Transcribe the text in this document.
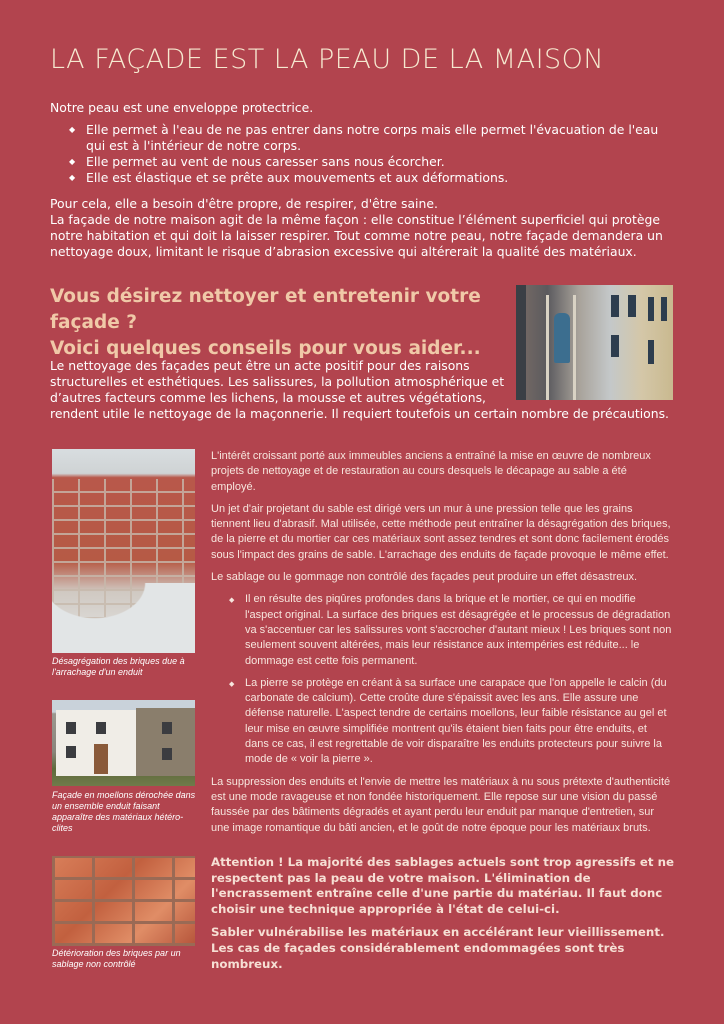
LA FAÇADE EST LA PEAU DE LA MAISON

Notre peau est une enveloppe protectrice.

◆ Elle permet à l'eau de ne pas entrer dans notre corps mais elle permet l'évacuation de l'eau qui est à l'intérieur de notre corps.
◆ Elle permet au vent de nous caresser sans nous écorcher.
◆ Elle est élastique et se prête aux mouvements et aux déformations.

Pour cela, elle a besoin d'être propre, de respirer, d'être saine.

La façade de notre maison agit de la même façon : elle constitue l’élément superficiel qui protège notre habitation et qui doit la laisser respirer. Tout comme notre peau, notre façade demandera un nettoyage doux, limitant le risque d’abrasion excessive qui altérerait la qualité des matériaux.

Vous désirez nettoyer et entretenir votre façade ?
Voici quelques conseils pour vous aider...
Le nettoyage des façades peut être un acte positif pour des raisons structurelles et esthétiques. Les salissures, la pollution atmosphérique et d’autres facteurs comme les lichens, la mousse et autres végétations,
rendent utile le nettoyage de la maçonnerie. Il requiert toutefois un certain nombre de précautions.
Désagrégation des briques due à l'arrachage d'un enduit
Façade en moellons dérochée dans un ensemble enduit faisant apparaître des matériaux hétéro-clites
Détérioration des briques par un sablage non contrôlé

L'intérêt croissant porté aux immeubles anciens a entraîné la mise en œuvre de nombreux projets de nettoyage et de restauration au cours desquels le décapage au sable a été employé.

Un jet d'air projetant du sable est dirigé vers un mur à une pression telle que les grains tiennent lieu d'abrasif. Mal utilisée, cette méthode peut entraîner la désagrégation des briques, de la pierre et du mortier car ces matériaux sont assez tendres et sont donc facilement érodés sous l'impact des grains de sable. L'arrachage des enduits de façade provoque le même effet.

Le sablage ou le gommage non contrôlé des façades peut produire un effet désastreux.

◆ Il en résulte des piqûres profondes dans la brique et le mortier, ce qui en modifie l'aspect original. La surface des briques est désagrégée et le processus de dégradation va s'accentuer car les salissures vont s'accrocher d'autant mieux ! Les briques sont non seulement souvent altérées, mais leur résistance aux intempéries est réduite... le dommage est cette fois permanent.
◆ La pierre se protège en créant à sa surface une carapace que l'on appelle le calcin (du carbonate de calcium). Cette croûte dure s'épaissit avec les ans. Elle assure une défense naturelle. L'aspect tendre de certains moellons, leur faible résistance au gel et leur mise en œuvre simplifiée montrent qu'ils étaient bien faits pour être enduits, et dans ce cas, il est regrettable de voir disparaître les enduits protecteurs pour suivre la mode de « voir la pierre ».

La suppression des enduits et l'envie de mettre les matériaux à nu sous prétexte d'authenticité est une mode ravageuse et non fondée historiquement. Elle repose sur une vision du passé faussée par des bâtiments dégradés et ayant perdu leur enduit par manque d'entretien, sur une image romantique du bâti ancien, et le goût de notre époque pour les matériaux bruts.

Attention ! La majorité des sablages actuels sont trop agressifs et ne respectent pas la peau de votre maison. L'élimination de l'encrassement entraîne celle d'une partie du matériau. Il faut donc choisir une technique appropriée à l'état de celui-ci.

Sabler vulnérabilise les matériaux en accélérant leur vieillissement. Les cas de façades considérablement endommagées sont très nombreux.
